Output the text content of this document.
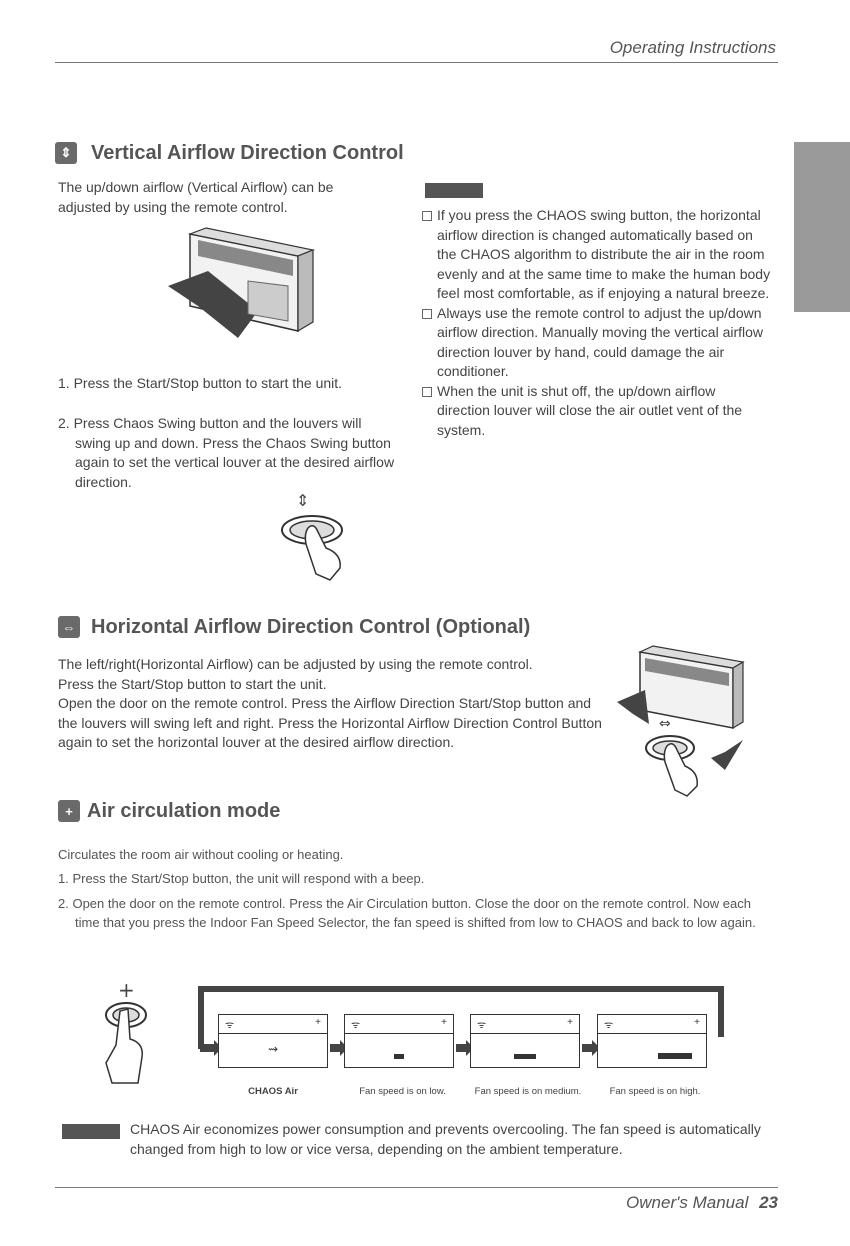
Operating Instructions
⇕ Vertical Airflow Direction Control
The up/down airflow (Vertical Airflow) can be adjusted by using the remote control.
1. Press the Start/Stop button to start the unit.
2. Press Chaos Swing button and the louvers will swing up and down. Press the Chaos Swing button again to set the vertical louver at the desired airflow direction.
⇕
If you press the CHAOS swing button, the horizontal airflow direction is changed automatically based on the CHAOS algorithm to distribute the air in the room evenly and at the same time to make the human body feel most comfortable, as if enjoying a natural breeze.
Always use the remote control to adjust the up/down airflow direction. Manually moving the vertical airflow direction louver by hand, could damage the air conditioner.
When the unit is shut off, the up/down airflow direction louver will close the air outlet vent of the system.
⇔ Horizontal Airflow Direction Control (Optional)
The left/right(Horizontal Airflow) can be adjusted by using the remote control.
Press the Start/Stop button to start the unit.
Open the door on the remote control. Press the Airflow Direction Start/Stop button and the louvers will swing left and right. Press the Horizontal Airflow Direction Control Button again to set the horizontal louver at the desired airflow direction.
⇔
+ Air circulation mode
Circulates the room air without cooling or heating.
1. Press the Start/Stop button, the unit will respond with a beep.
2. Open the door on the remote control. Press the Air Circulation button. Close the door on the remote control. Now each time that you press the Indoor Fan Speed Selector, the fan speed is shifted from low to CHAOS and back to low again.
+
ᯤ	+
⇝
ᯤ	+	ᯤ	+	ᯤ	+
CHAOS Air	Fan speed is on low.	Fan speed is on medium.	Fan speed is on high.
CHAOS Air economizes power consumption and prevents overcooling. The fan speed is automatically changed from high to low or vice versa, depending on the ambient temperature.
Owner's Manual 23
